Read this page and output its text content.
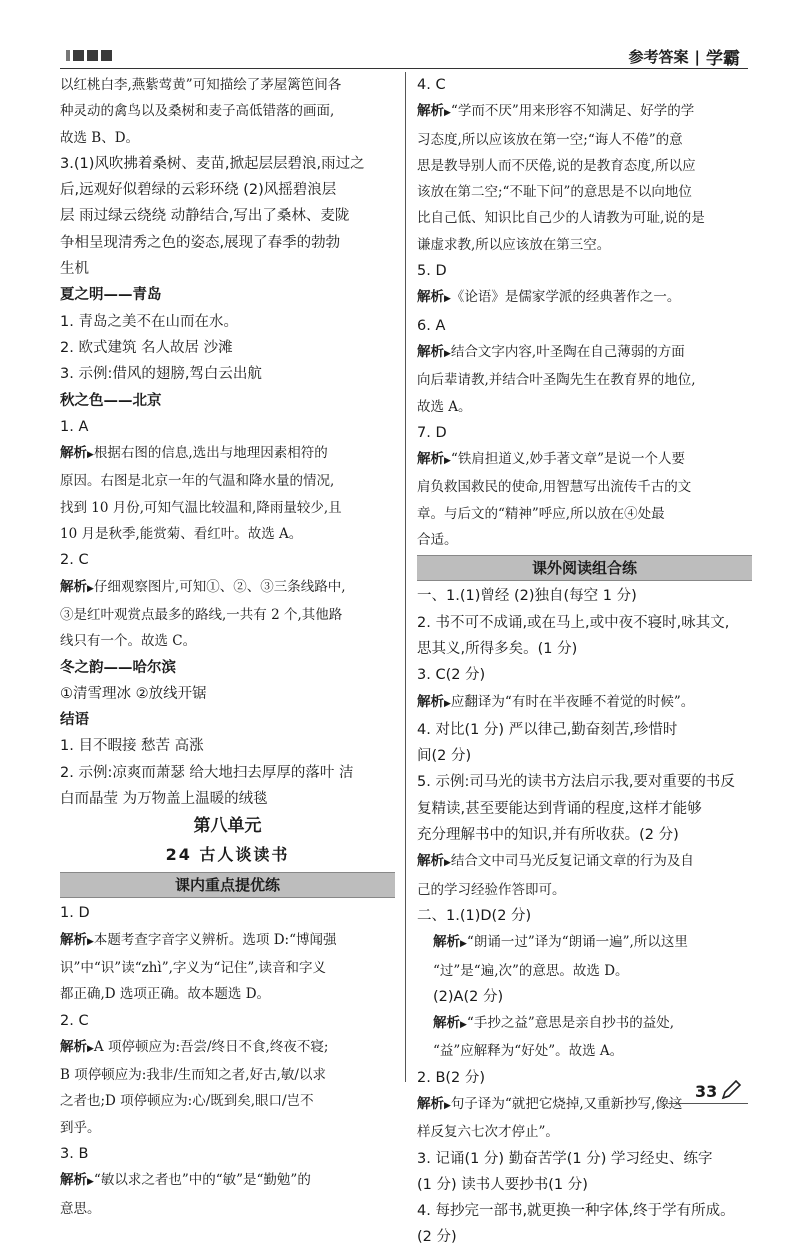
参考答案 | 学霸
以红桃白李,燕紫莺黄”可知描绘了茅屋篱笆间各
种灵动的禽鸟以及桑树和麦子高低错落的画面,
故选 B、D。
3.(1)风吹拂着桑树、麦苗,掀起层层碧浪,雨过之
后,远观好似碧绿的云彩环绕 (2)风摇碧浪层
层 雨过绿云绕绕 动静结合,写出了桑林、麦陇
争相呈现清秀之色的姿态,展现了春季的勃勃
生机
夏之明——青岛
1. 青岛之美不在山而在水。
2. 欧式建筑 名人故居 沙滩
3. 示例:借风的翅膀,驾白云出航
秋之色——北京
1. A
解析▶根据右图的信息,选出与地理因素相符的
原因。右图是北京一年的气温和降水量的情况,
找到 10 月份,可知气温比较温和,降雨量较少,且
10 月是秋季,能赏菊、看红叶。故选 A。
2. C
解析▶仔细观察图片,可知①、②、③三条线路中,
③是红叶观赏点最多的路线,一共有 2 个,其他路
线只有一个。故选 C。
冬之韵——哈尔滨
①清雪理冰 ②放线开锯
结语
1. 目不暇接 愁苦 高涨
2. 示例:凉爽而萧瑟 给大地扫去厚厚的落叶 洁
白而晶莹 为万物盖上温暖的绒毯
第八单元
24 古人谈读书
课内重点提优练
1. D
解析▶本题考查字音字义辨析。选项 D:“博闻强
识”中“识”读“zhì”,字义为“记住”,读音和字义
都正确,D 选项正确。故本题选 D。
2. C
解析▶A 项停顿应为:吾尝/终日不食,终夜不寝;
B 项停顿应为:我非/生而知之者,好古,敏/以求
之者也;D 项停顿应为:心/既到矣,眼口/岂不
到乎。
3. B
解析▶“敏以求之者也”中的“敏”是“勤勉”的
意思。
4. C
解析▶“学而不厌”用来形容不知满足、好学的学
习态度,所以应该放在第一空;“诲人不倦”的意
思是教导别人而不厌倦,说的是教育态度,所以应
该放在第二空;“不耻下问”的意思是不以向地位
比自己低、知识比自己少的人请教为可耻,说的是
谦虚求教,所以应该放在第三空。
5. D
解析▶《论语》是儒家学派的经典著作之一。
6. A
解析▶结合文字内容,叶圣陶在自己薄弱的方面
向后辈请教,并结合叶圣陶先生在教育界的地位,
故选 A。
7. D
解析▶“铁肩担道义,妙手著文章”是说一个人要
肩负救国救民的使命,用智慧写出流传千古的文
章。与后文的“精神”呼应,所以放在④处最
合适。
课外阅读组合练
一、1.(1)曾经 (2)独自(每空 1 分)
2. 书不可不成诵,或在马上,或中夜不寝时,咏其文,
思其义,所得多矣。(1 分)
3. C(2 分)
解析▶应翻译为“有时在半夜睡不着觉的时候”。
4. 对比(1 分) 严以律己,勤奋刻苦,珍惜时
间(2 分)
5. 示例:司马光的读书方法启示我,要对重要的书反
复精读,甚至要能达到背诵的程度,这样才能够
充分理解书中的知识,并有所收获。(2 分)
解析▶结合文中司马光反复记诵文章的行为及自
己的学习经验作答即可。
二、1.(1)D(2 分)
解析▶“朗诵一过”译为“朗诵一遍”,所以这里
“过”是“遍,次”的意思。故选 D。
(2)A(2 分)
解析▶“手抄之益”意思是亲自抄书的益处,
“益”应解释为“好处”。故选 A。
2. B(2 分)
解析▶句子译为“就把它烧掉,又重新抄写,像这
样反复六七次才停止”。
3. 记诵(1 分) 勤奋苦学(1 分) 学习经史、练字
(1 分) 读书人要抄书(1 分)
4. 每抄完一部书,就更换一种字体,终于学有所成。
(2 分)
33
